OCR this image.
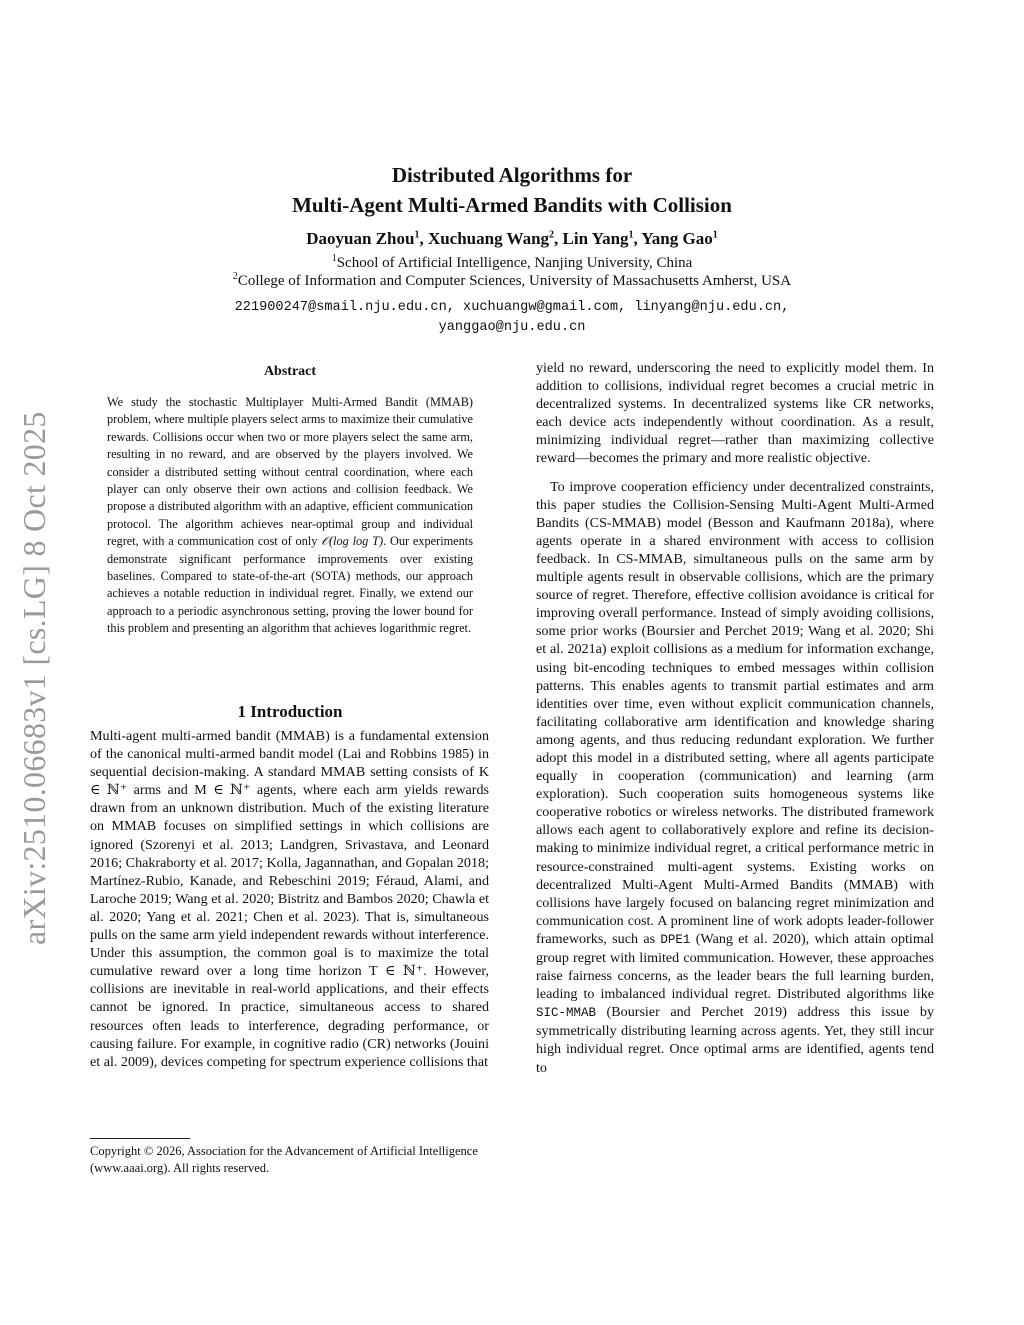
Distributed Algorithms for
Multi-Agent Multi-Armed Bandits with Collision
Daoyuan Zhou$^1$, Xuchuang Wang$^2$, Lin Yang$^1$, Yang Gao$^1$
$^1$School of Artificial Intelligence, Nanjing University, China
$^2$College of Information and Computer Sciences, University of Massachusetts Amherst, USA
221900247@smail.nju.edu.cn, xuchuangw@gmail.com, linyang@nju.edu.cn,
yanggao@nju.edu.cn
arXiv:2510.06683v1 [cs.LG] 8 Oct 2025
Abstract
We study the stochastic Multiplayer Multi-Armed Bandit (MMAB) problem, where multiple players select arms to maximize their cumulative rewards. Collisions occur when two or more players select the same arm, resulting in no reward, and are observed by the players involved. We consider a distributed setting without central coordination, where each player can only observe their own actions and collision feedback. We propose a distributed algorithm with an adaptive, efficient communication protocol. The algorithm achieves near-optimal group and individual regret, with a communication cost of only 𝒪(log log T). Our experiments demonstrate significant performance improvements over existing baselines. Compared to state-of-the-art (SOTA) methods, our approach achieves a notable reduction in individual regret. Finally, we extend our approach to a periodic asynchronous setting, proving the lower bound for this problem and presenting an algorithm that achieves logarithmic regret.
1 Introduction

Multi-agent multi-armed bandit (MMAB) is a fundamental extension of the canonical multi-armed bandit model (Lai and Robbins 1985) in sequential decision-making. A standard MMAB setting consists of K ∈ ℕ⁺ arms and M ∈ ℕ⁺ agents, where each arm yields rewards drawn from an unknown distribution. Much of the existing literature on MMAB focuses on simplified settings in which collisions are ignored (Szorenyi et al. 2013; Landgren, Srivastava, and Leonard 2016; Chakraborty et al. 2017; Kolla, Jagannathan, and Gopalan 2018; Martínez-Rubio, Kanade, and Rebeschini 2019; Féraud, Alami, and Laroche 2019; Wang et al. 2020; Bistritz and Bambos 2020; Chawla et al. 2020; Yang et al. 2021; Chen et al. 2023). That is, simultaneous pulls on the same arm yield independent rewards without interference. Under this assumption, the common goal is to maximize the total cumulative reward over a long time horizon T ∈ ℕ⁺. However, collisions are inevitable in real-world applications, and their effects cannot be ignored. In practice, simultaneous access to shared resources often leads to interference, degrading performance, or causing failure. For example, in cognitive radio (CR) networks (Jouini et al. 2009), devices competing for spectrum experience collisions that

Copyright © 2026, Association for the Advancement of Artificial Intelligence (www.aaai.org). All rights reserved.

yield no reward, underscoring the need to explicitly model them. In addition to collisions, individual regret becomes a crucial metric in decentralized systems. In decentralized systems like CR networks, each device acts independently without coordination. As a result, minimizing individual regret—rather than maximizing collective reward—becomes the primary and more realistic objective.

To improve cooperation efficiency under decentralized constraints, this paper studies the Collision-Sensing Multi-Agent Multi-Armed Bandits (CS-MMAB) model (Besson and Kaufmann 2018a), where agents operate in a shared environment with access to collision feedback. In CS-MMAB, simultaneous pulls on the same arm by multiple agents result in observable collisions, which are the primary source of regret. Therefore, effective collision avoidance is critical for improving overall performance. Instead of simply avoiding collisions, some prior works (Boursier and Perchet 2019; Wang et al. 2020; Shi et al. 2021a) exploit collisions as a medium for information exchange, using bit-encoding techniques to embed messages within collision patterns. This enables agents to transmit partial estimates and arm identities over time, even without explicit communication channels, facilitating collaborative arm identification and knowledge sharing among agents, and thus reducing redundant exploration. We further adopt this model in a distributed setting, where all agents participate equally in cooperation (communication) and learning (arm exploration). Such cooperation suits homogeneous systems like cooperative robotics or wireless networks. The distributed framework allows each agent to collaboratively explore and refine its decision-making to minimize individual regret, a critical performance metric in resource-constrained multi-agent systems. Existing works on decentralized Multi-Agent Multi-Armed Bandits (MMAB) with collisions have largely focused on balancing regret minimization and communication cost. A prominent line of work adopts leader-follower frameworks, such as DPE1 (Wang et al. 2020), which attain optimal group regret with limited communication. However, these approaches raise fairness concerns, as the leader bears the full learning burden, leading to imbalanced individual regret. Distributed algorithms like SIC-MMAB (Boursier and Perchet 2019) address this issue by symmetrically distributing learning across agents. Yet, they still incur high individual regret. Once optimal arms are identified, agents tend to
